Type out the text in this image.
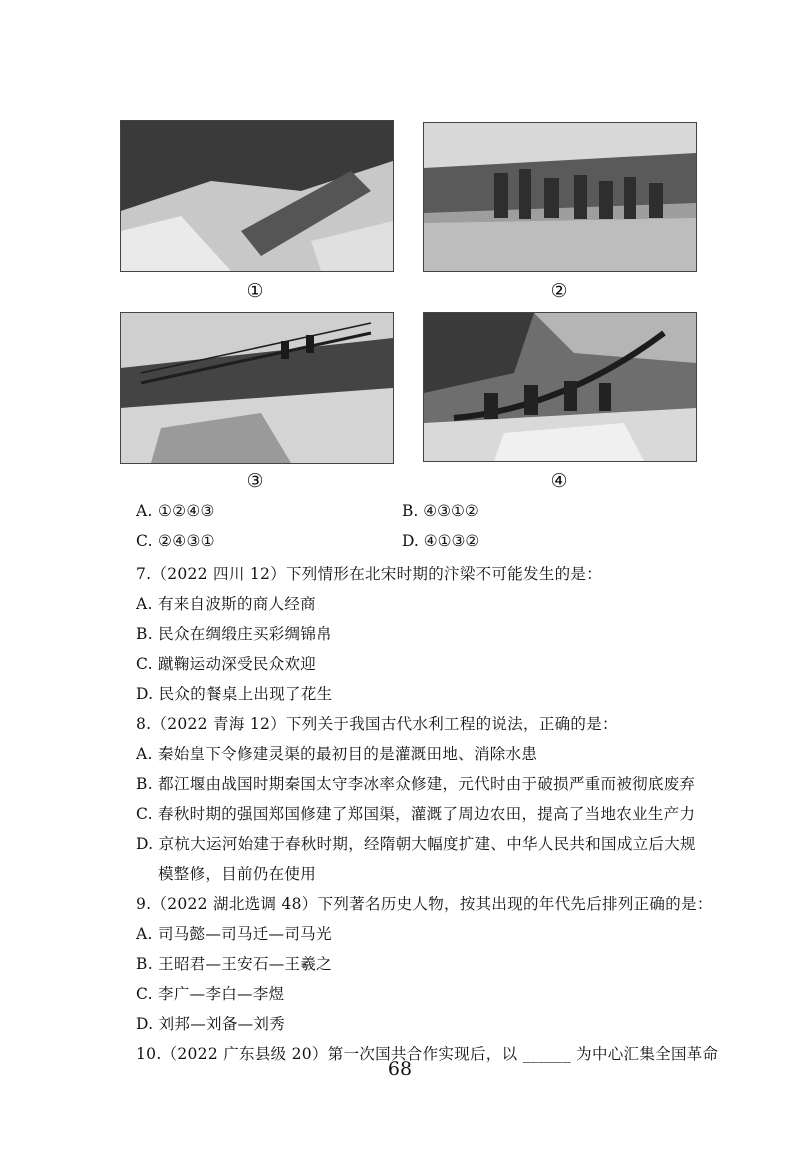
①	②
③	④
A. ①②④③	B. ④③①②
C. ②④③①	D. ④①③②
7.（2022 四川 12）下列情形在北宋时期的汴梁不可能发生的是：
A. 有来自波斯的商人经商
B. 民众在绸缎庄买彩绸锦帛
C. 蹴鞠运动深受民众欢迎
D. 民众的餐桌上出现了花生
8.（2022 青海 12）下列关于我国古代水利工程的说法，正确的是：
A. 秦始皇下令修建灵渠的最初目的是灌溉田地、消除水患
B. 都江堰由战国时期秦国太守李冰率众修建，元代时由于破损严重而被彻底废弃
C. 春秋时期的强国郑国修建了郑国渠，灌溉了周边农田，提高了当地农业生产力
D. 京杭大运河始建于春秋时期，经隋朝大幅度扩建、中华人民共和国成立后大规
模整修，目前仍在使用
9.（2022 湖北选调 48）下列著名历史人物，按其出现的年代先后排列正确的是：
A. 司马懿—司马迁—司马光
B. 王昭君—王安石—王羲之
C. 李广—李白—李煜
D. 刘邦—刘备—刘秀
10.（2022 广东县级 20）第一次国共合作实现后，以 ______ 为中心汇集全国革命
68
